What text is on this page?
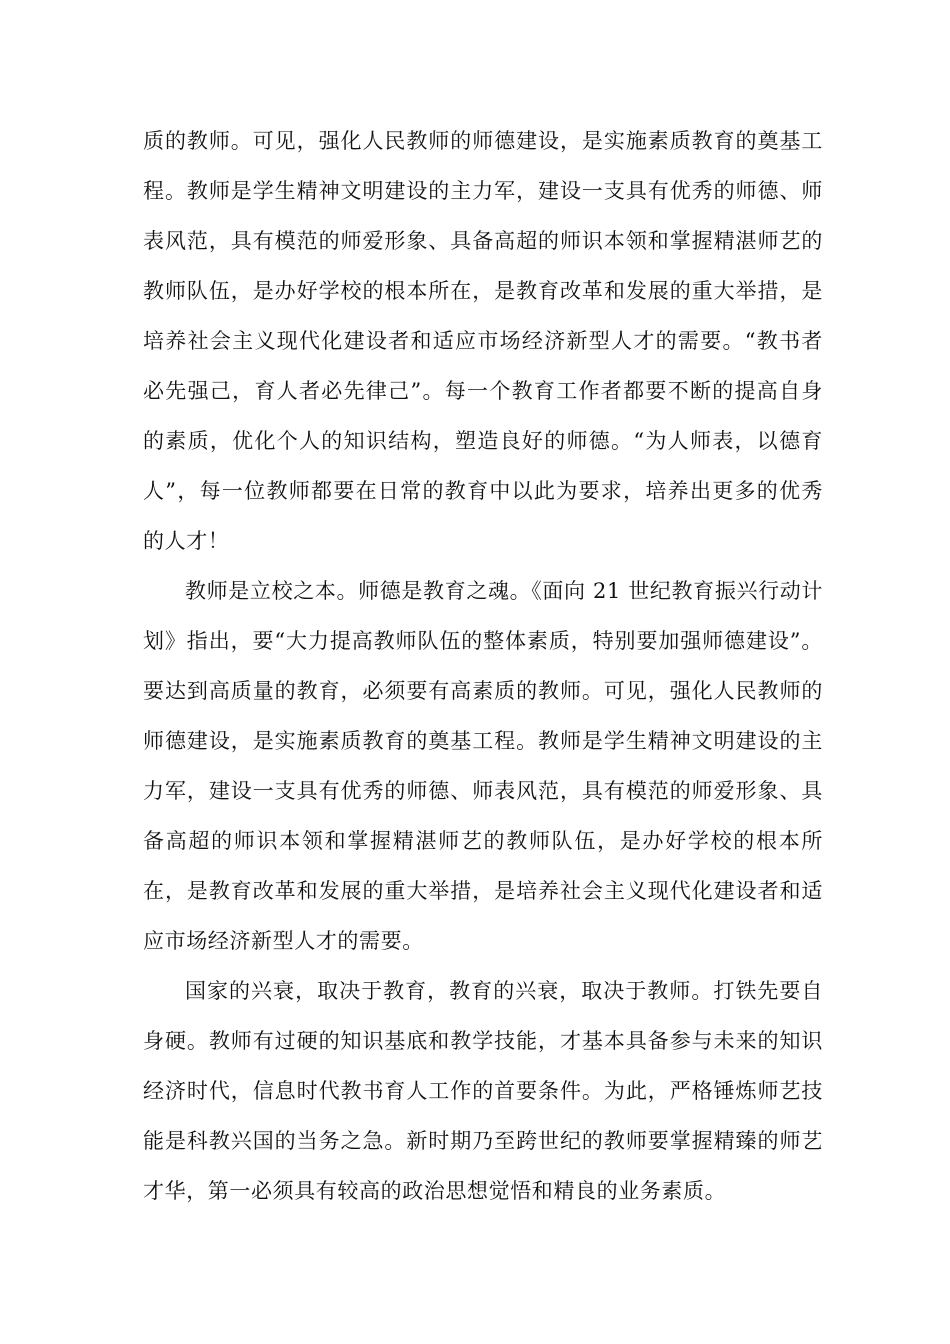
质的教师。可见，强化人民教师的师德建设，是实施素质教育的奠基工程。教师是学生精神文明建设的主力军，建设一支具有优秀的师德、师表风范，具有模范的师爱形象、具备高超的师识本领和掌握精湛师艺的教师队伍，是办好学校的根本所在，是教育改革和发展的重大举措，是培养社会主义现代化建设者和适应市场经济新型人才的需要。“教书者必先强己，育人者必先律己”。每一个教育工作者都要不断的提高自身的素质，优化个人的知识结构，塑造良好的师德。“为人师表，以德育人”，每一位教师都要在日常的教育中以此为要求，培养出更多的优秀的人才！

教师是立校之本。师德是教育之魂。《面向 21 世纪教育振兴行动计划》指出，要“大力提高教师队伍的整体素质，特别要加强师德建设”。要达到高质量的教育，必须要有高素质的教师。可见，强化人民教师的师德建设，是实施素质教育的奠基工程。教师是学生精神文明建设的主力军，建设一支具有优秀的师德、师表风范，具有模范的师爱形象、具备高超的师识本领和掌握精湛师艺的教师队伍，是办好学校的根本所在，是教育改革和发展的重大举措，是培养社会主义现代化建设者和适应市场经济新型人才的需要。

国家的兴衰，取决于教育，教育的兴衰，取决于教师。打铁先要自身硬。教师有过硬的知识基底和教学技能，才基本具备参与未来的知识经济时代，信息时代教书育人工作的首要条件。为此，严格锤炼师艺技能是科教兴国的当务之急。新时期乃至跨世纪的教师要掌握精臻的师艺才华，第一必须具有较高的政治思想觉悟和精良的业务素质。
